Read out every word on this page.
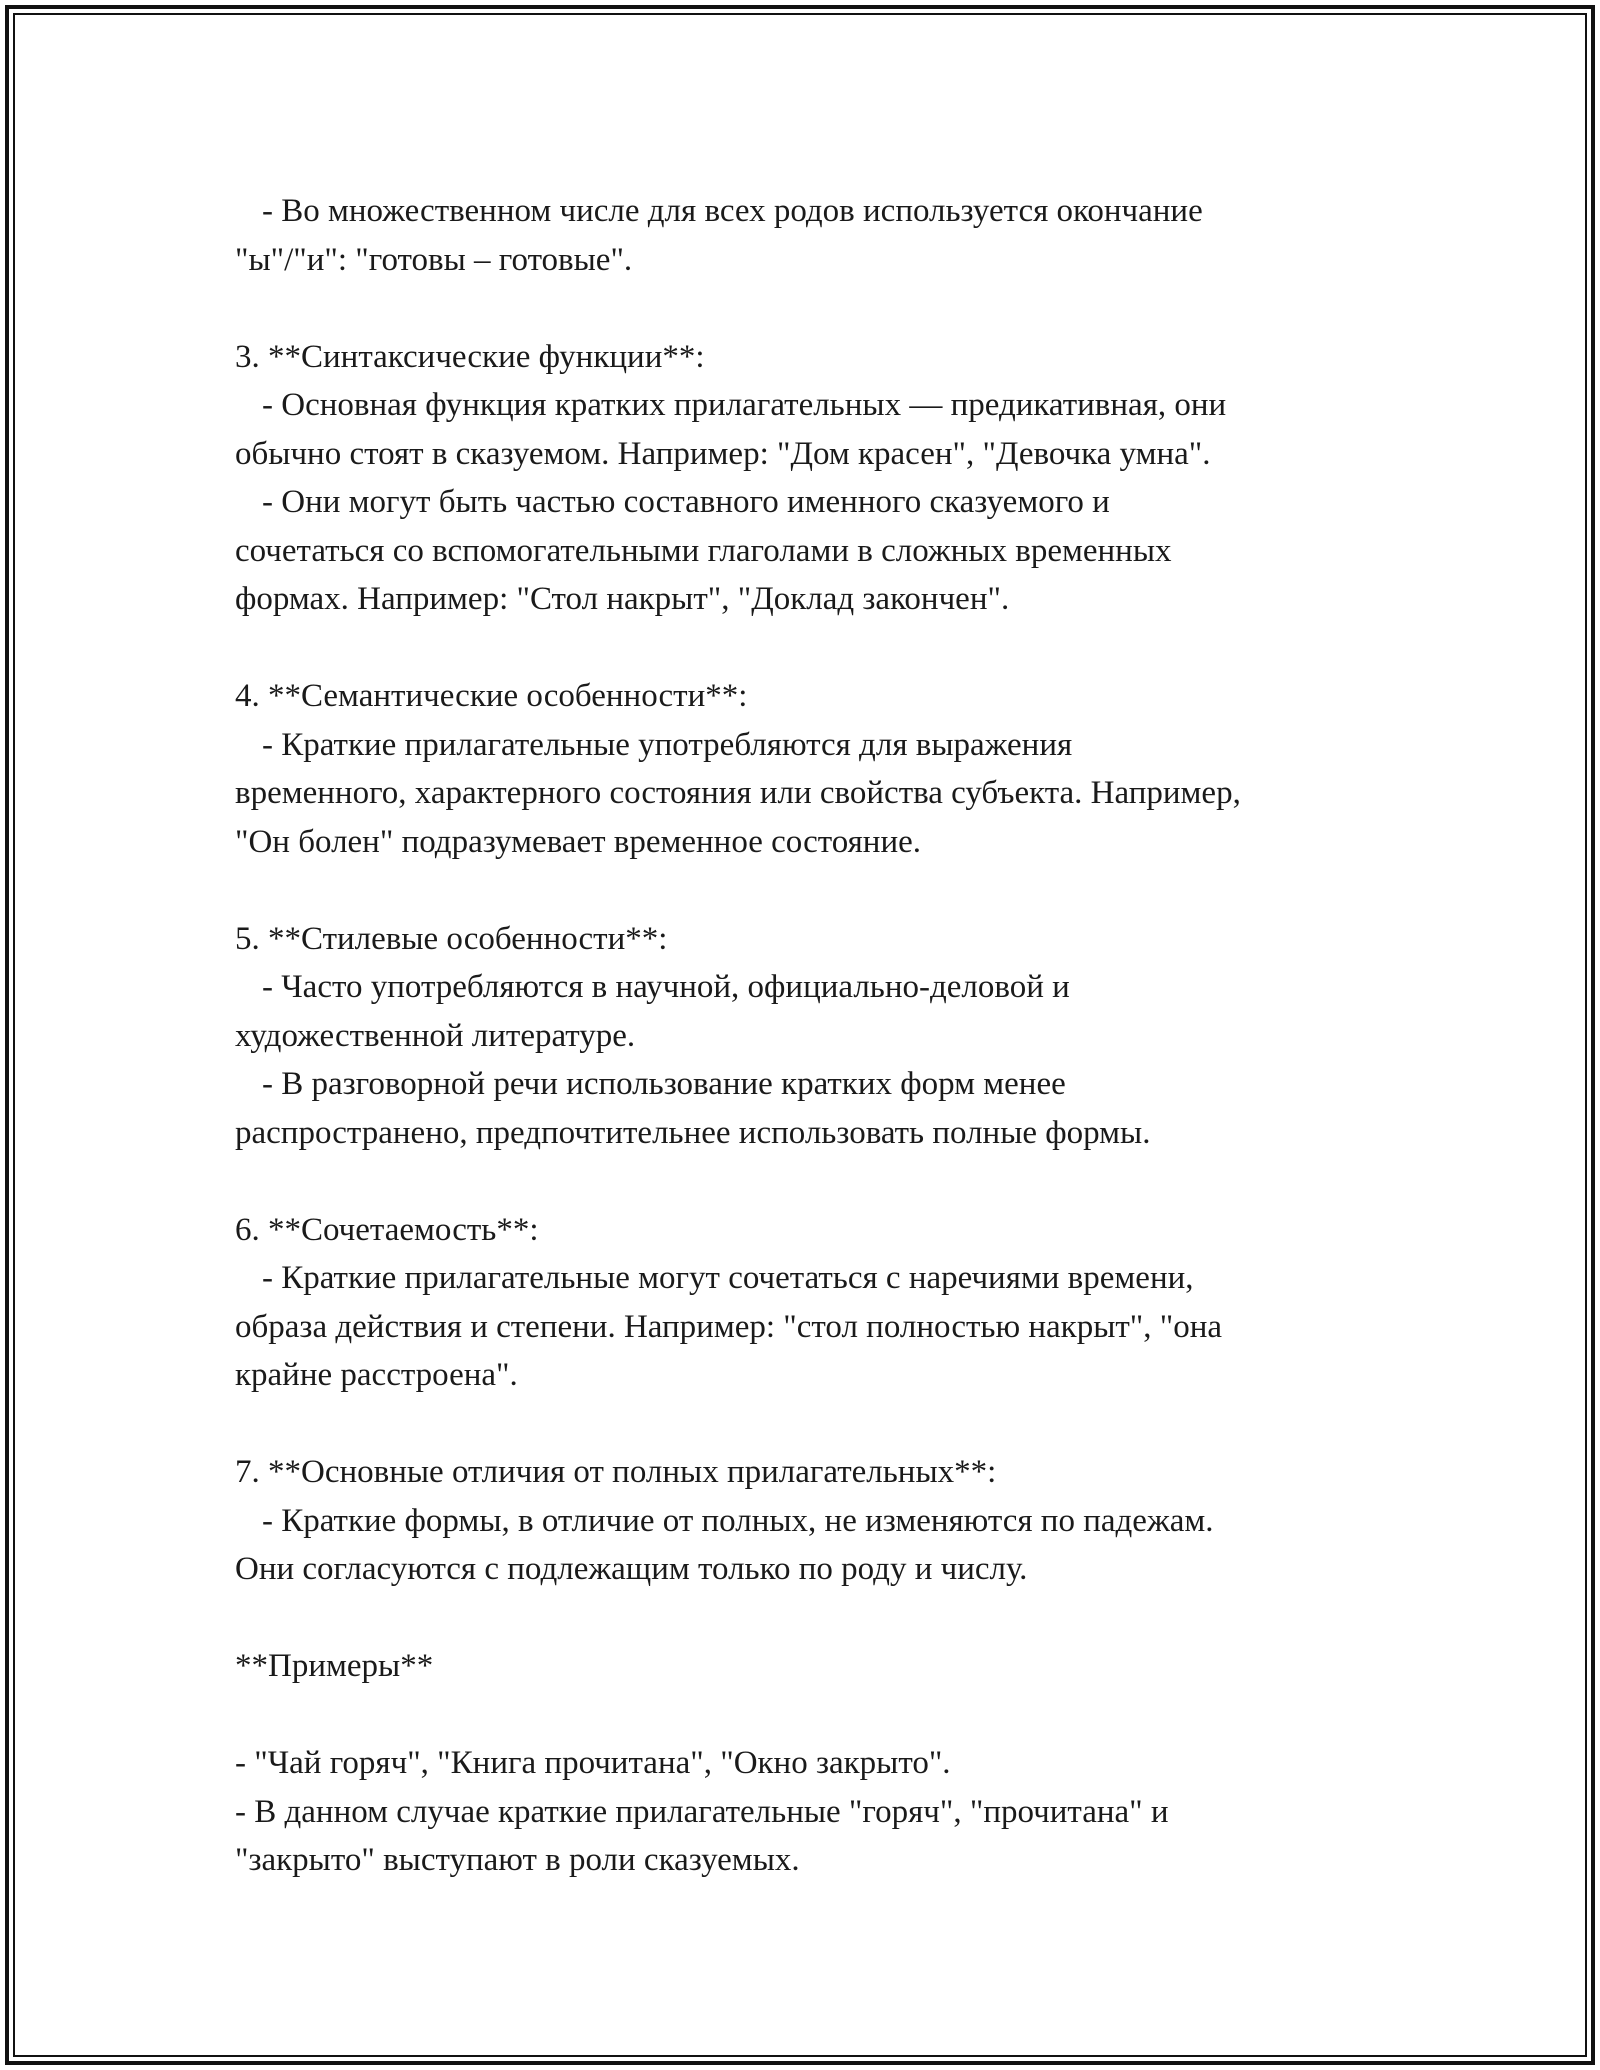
- Во множественном числе для всех родов используется окончание
"ы"/"и": "готовы – готовые".
3. **Синтаксические функции**:
- Основная функция кратких прилагательных — предикативная, они
обычно стоят в сказуемом. Например: "Дом красен", "Девочка умна".
- Они могут быть частью составного именного сказуемого и
сочетаться со вспомогательными глаголами в сложных временных
формах. Например: "Стол накрыт", "Доклад закончен".
4. **Семантические особенности**:
- Краткие прилагательные употребляются для выражения
временного, характерного состояния или свойства субъекта. Например,
"Он болен" подразумевает временное состояние.
5. **Стилевые особенности**:
- Часто употребляются в научной, официально-деловой и
художественной литературе.
- В разговорной речи использование кратких форм менее
распространено, предпочтительнее использовать полные формы.
6. **Сочетаемость**:
- Краткие прилагательные могут сочетаться с наречиями времени,
образа действия и степени. Например: "стол полностью накрыт", "она
крайне расстроена".
7. **Основные отличия от полных прилагательных**:
- Краткие формы, в отличие от полных, не изменяются по падежам.
Они согласуются с подлежащим только по роду и числу.
**Примеры**
- "Чай горяч", "Книга прочитана", "Окно закрыто".
- В данном случае краткие прилагательные "горяч", "прочитана" и
"закрыто" выступают в роли сказуемых.
